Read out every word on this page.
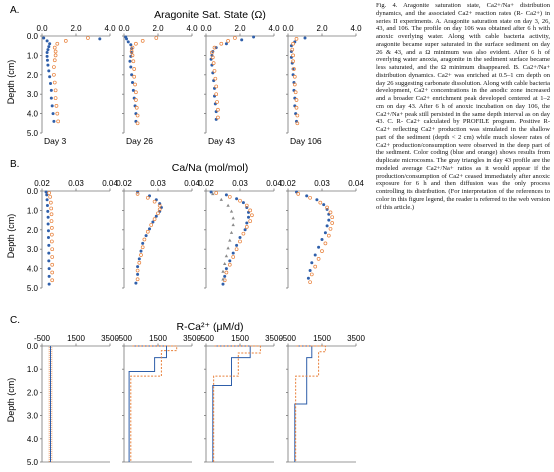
A.	Aragonite Sat. State (Ω)
B.	Ca/Na (mol/mol)
C.
R-Ca²⁺ (μM/d)
Depth (cm)
Depth (cm)
Depth (cm)
0.0
1.0
2.0
3.0
4.0
5.0
0.0	2.0	4.0
Day 3
0.0	2.0	4.0
Day 26
0.0	2.0	4.0
Day 43
0.0	2.0	4.0
Day 106
0.0
1.0
2.0
3.0
4.0
5.0
0.02 0.03 0.04
0.02 0.03 0.04
0.02 0.03 0.04
0.02 0.03 0.04
0.0
1.0
2.0
3.0
4.0
5.0
-500 1500 3500
-500 1500 3500
-500 1500 3500
-500 1500 3500
Fig. 4. Aragonite saturation state, Ca2+/Na+ distribution dynamics, and the associated Ca2+ reaction rates (R- Ca2+) in series II experiments. A. Aragonite saturation state on day 3, 26, 43, and 106. The profile on day 106 was obtained after 6 h with anoxic overlying water. Along with cable bacteria activity, aragonite became super saturated in the surface sediment on day 26 & 43, and a Ω minimum was also evident. After 6 h of overlying water anoxia, aragonite in the sediment surface became less saturated, and the Ω minimum disappeared. B. Ca2+/Na+ distribution dynamics. Ca2+ was enriched at 0.5–1 cm depth on day 26 suggesting carbonate dissolution. Along with cable bacteria development, Ca2+ concentrations in the anodic zone increased and a broader Ca2+ enrichment peak developed centered at 1–2 cm on day 43. After 6 h of anoxic incubation on day 106, the Ca2+/Na+ peak still persisted in the same depth interval as on day 43. C. R- Ca2+ calculated by PROFILE program. Positive R- Ca2+ reflecting Ca2+ production was simulated in the shallow part of the sediment (depth < 2 cm) while much slower rates of Ca2+ production/consumption were observed in the deep part of the sediment. Color coding (blue and orange) shows results from duplicate microcosms. The gray triangles in day 43 profile are the modeled average Ca2+/Na+ ratios as it would appear if the production/consumption of Ca2+ ceased immediately after anoxic exposure for 6 h and then diffusion was the only process controlling its distribution. (For interpretation of the references to color in this figure legend, the reader is referred to the web version of this article.)
